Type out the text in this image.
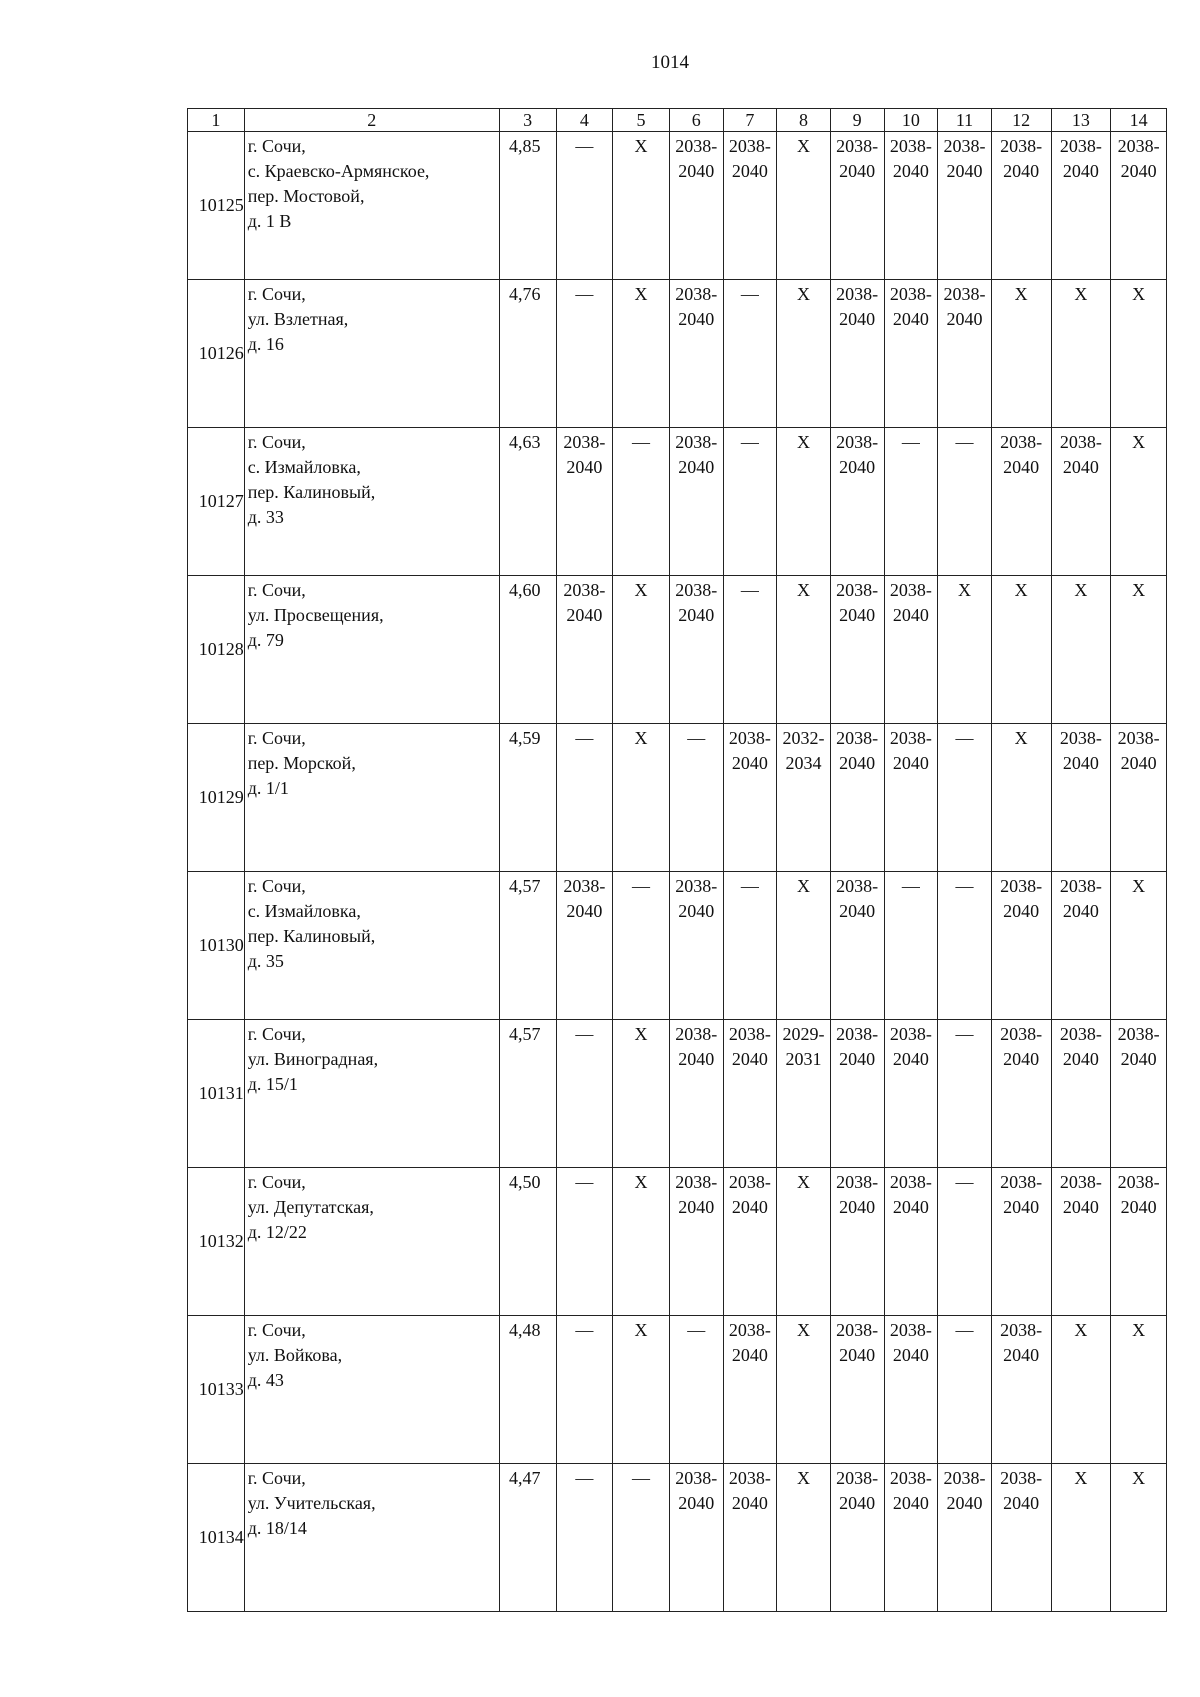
1014
1	2	3	4	5	6	7	8	9	10	11	12	13	14
10125	г. Сочи,
с. Краевско-Армянское,
пер. Мостовой,
д. 1 В	4,85	—	X	2038-
2040	2038-
2040	X	2038-
2040	2038-
2040	2038-
2040	2038-
2040	2038-
2040	2038-
2040

10126	г. Сочи,
ул. Взлетная,
д. 16	4,76	—	X	2038-
2040	—	X	2038-
2040	2038-
2040	2038-
2040	X	X	X
10127	г. Сочи,
с. Измайловка,
пер. Калиновый,
д. 33	4,63	2038-
2040	—	2038-
2040	—	X	2038-
2040	—	—	2038-
2040	2038-
2040	X
10128	г. Сочи,
ул. Просвещения,
д. 79	4,60	2038-
2040	X	2038-
2040	—	X	2038-
2040	2038-
2040	X	X	X	X
10129	г. Сочи,
пер. Морской,
д. 1/1	4,59	—	X	—	2038-
2040	2032-
2034	2038-
2040	2038-
2040	—	X	2038-
2040	2038-
2040

10130	г. Сочи,
с. Измайловка,
пер. Калиновый,
д. 35	4,57	2038-
2040	—	2038-
2040	—	X	2038-
2040	—	—	2038-
2040	2038-
2040	X
10131	г. Сочи,
ул. Виноградная,
д. 15/1	4,57	—	X	2038-
2040	2038-
2040	2029-
2031	2038-
2040	2038-
2040	—	2038-
2040	2038-
2040	2038-
2040

10132	г. Сочи,
ул. Депутатская,
д. 12/22	4,50	—	X	2038-
2040	2038-
2040	X	2038-
2040	2038-
2040	—	2038-
2040	2038-
2040	2038-
2040

10133	г. Сочи,
ул. Войкова,
д. 43	4,48	—	X	—	2038-
2040	X	2038-
2040	2038-
2040	—	2038-
2040	X	X
10134	г. Сочи,
ул. Учительская,
д. 18/14	4,47	—	—	2038-
2040	2038-
2040	X	2038-
2040	2038-
2040	2038-
2040	2038-
2040	X	X
